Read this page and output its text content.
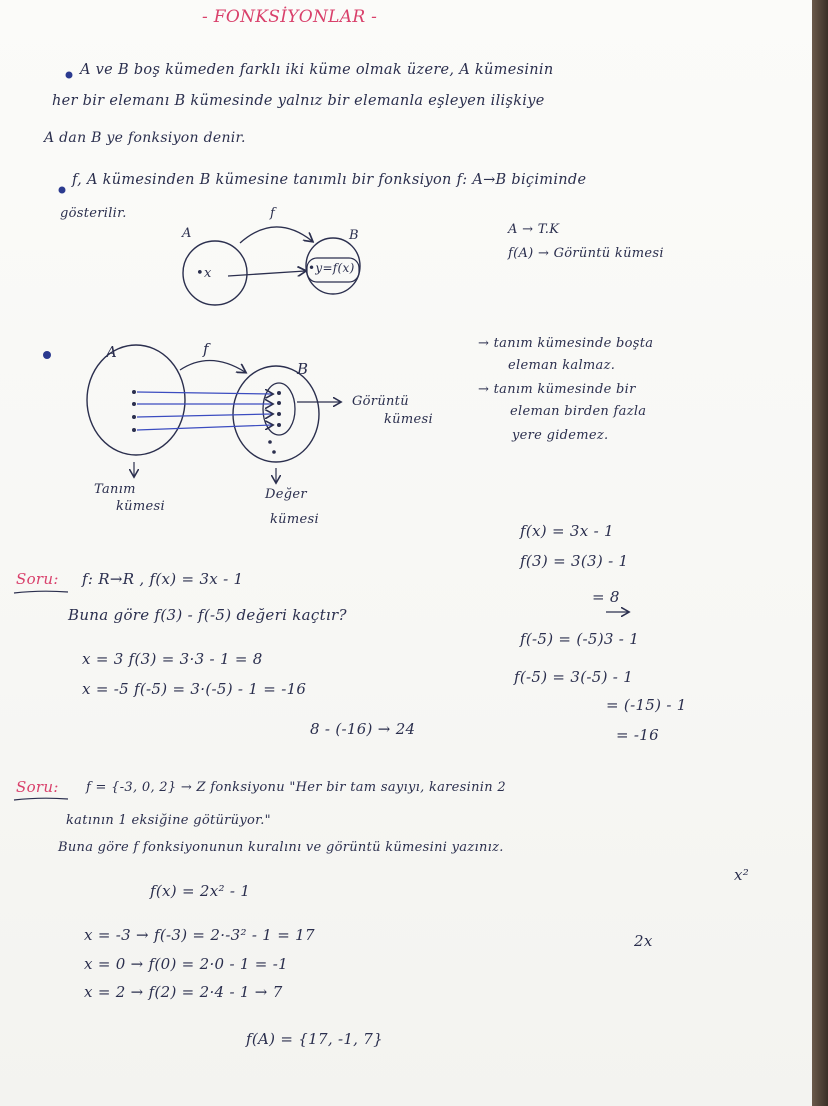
- FONKSİYONLAR -
A ve B boş kümeden farklı iki küme olmak üzere, A kümesinin
her bir elemanı B kümesinde yalnız bir elemanla eşleyen ilişkiye
A dan B ye fonksiyon denir.
f, A kümesinden B kümesine tanımlı bir fonksiyon f: A→B biçiminde
gösterilir.
A → T.K
f(A) → Görüntü kümesi
A	B
f
•x	•y=f(x)
A
B
f
Görüntü
kümesi
Tanım
kümesi
Değer
kümesi
→ tanım kümesinde boşta
eleman kalmaz.
→ tanım kümesinde bir
eleman birden fazla
yere gidemez.
Soru: f: R→R , f(x) = 3x - 1
Buna göre f(3) - f(-5) değeri kaçtır?
x = 3 f(3) = 3·3 - 1 = 8
x = -5 f(-5) = 3·(-5) - 1 = -16
8 - (-16) → 24
f(x) = 3x - 1
f(3) = 3(3) - 1
= 8
f(-5) = (-5)3 - 1
f(-5) = 3(-5) - 1
= (-15) - 1
= -16
Soru: f = {-3, 0, 2} → Z fonksiyonu "Her bir tam sayıyı, karesinin 2
katının 1 eksiğine götürüyor."
Buna göre f fonksiyonunun kuralını ve görüntü kümesini yazınız.
f(x) = 2x² - 1
x = -3 → f(-3) = 2·-3² - 1 = 17
x = 0 → f(0) = 2·0 - 1 = -1
x = 2 → f(2) = 2·4 - 1 → 7
f(A) = {17, -1, 7}
x²
2x
